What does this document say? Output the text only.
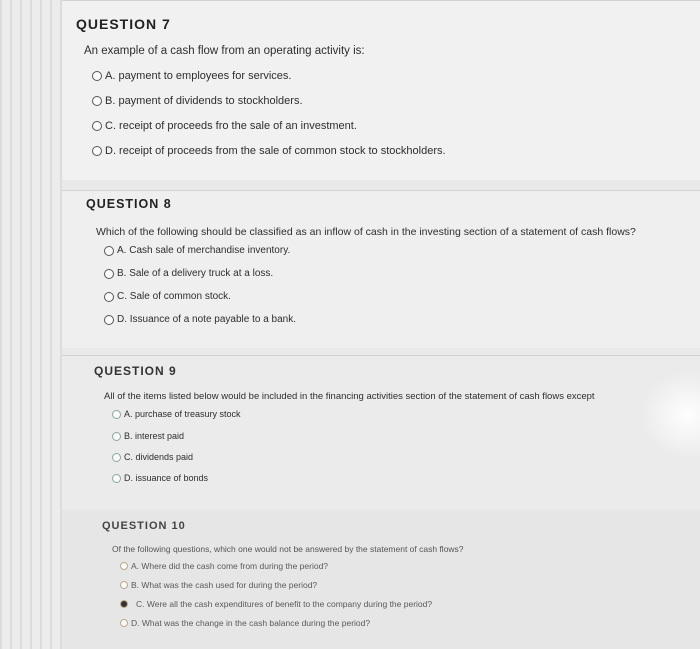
QUESTION 7
An example of a cash flow from an operating activity is:
A. payment to employees for services.
B. payment of dividends to stockholders.
C. receipt of proceeds fro the sale of an investment.
D. receipt of proceeds from the sale of common stock to stockholders.
QUESTION 8
Which of the following should be classified as an inflow of cash in the investing section of a statement of cash flows?
A. Cash sale of merchandise inventory.
B. Sale of a delivery truck at a loss.
C. Sale of common stock.
D. Issuance of a note payable to a bank.
QUESTION 9
All of the items listed below would be included in the financing activities section of the statement of cash flows except
A. purchase of treasury stock
B. interest paid
C. dividends paid
D. issuance of bonds
QUESTION 10
Of the following questions, which one would not be answered by the statement of cash flows?
A. Where did the cash come from during the period?
B. What was the cash used for during the period?
C. Were all the cash expenditures of benefit to the company during the period?
D. What was the change in the cash balance during the period?
